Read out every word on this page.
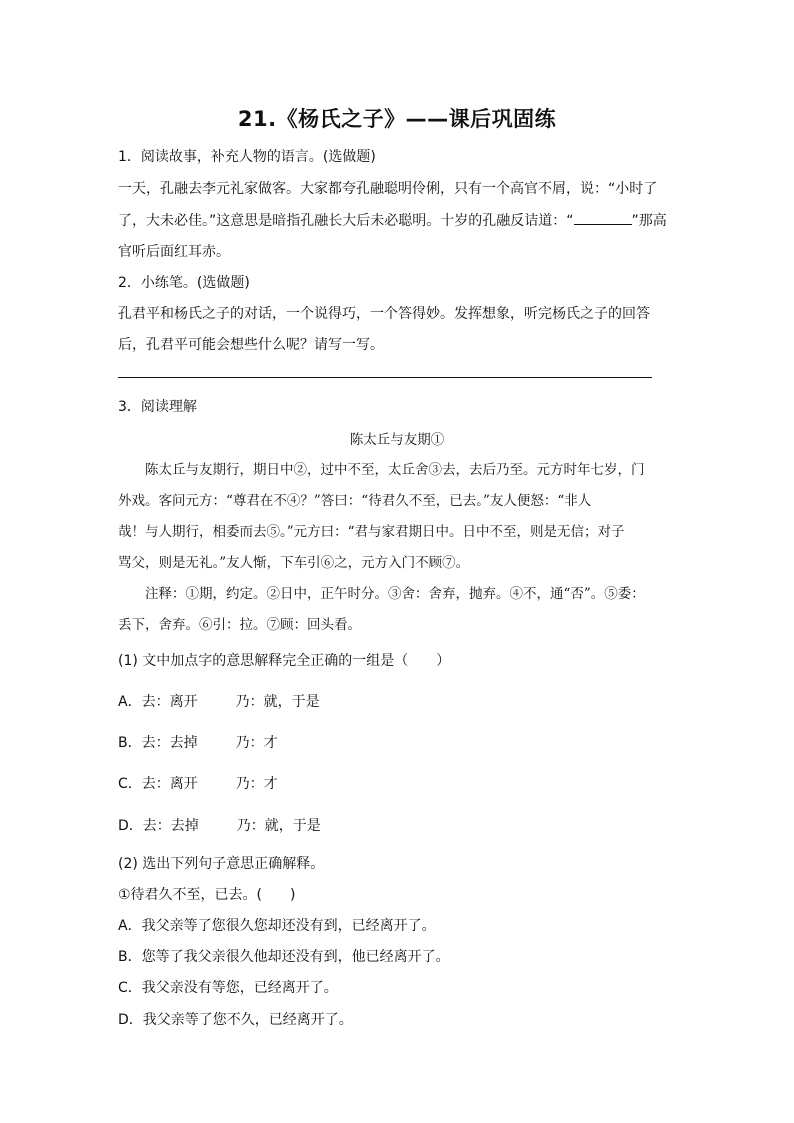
21.《杨氏之子》——课后巩固练
1．阅读故事，补充人物的语言。(选做题)
一天，孔融去李元礼家做客。大家都夸孔融聪明伶俐，只有一个高官不屑，说：“小时了
了，大未必佳。”这意思是暗指孔融长大后未必聪明。十岁的孔融反诘道：“	”那高
官听后面红耳赤。
2．小练笔。(选做题)
孔君平和杨氏之子的对话，一个说得巧，一个答得妙。发挥想象，听完杨氏之子的回答
后，孔君平可能会想些什么呢？请写一写。
3．阅读理解
陈太丘与友期①
　　陈太丘与友期行，期日中②，过中不至，太丘舍③去，去后乃至。元方时年七岁，门
外戏。客问元方：“尊君在不④？”答曰：“待君久不至，已去。”友人便怒：“非人
哉！与人期行，相委而去⑤。”元方曰：“君与家君期日中。日中不至，则是无信；对子
骂父，则是无礼。”友人惭，下车引⑥之，元方入门不顾⑦。
　　注释：①期，约定。②日中，正午时分。③舍：舍弃，抛弃。④不，通“否”。⑤委：
丢下，舍弃。⑥引：拉。⑦顾：回头看。
(1) 文中加点字的意思解释完全正确的一组是（　　）
A．去：离开	乃：就，于是
B．去：去掉	乃：才
C．去：离开	乃：才
D．去：去掉	乃：就，于是
(2) 选出下列句子意思正确解释。
①待君久不至，已去。(　　)
A．我父亲等了您很久您却还没有到，已经离开了。
B．您等了我父亲很久他却还没有到，他已经离开了。
C．我父亲没有等您，已经离开了。
D．我父亲等了您不久，已经离开了。
